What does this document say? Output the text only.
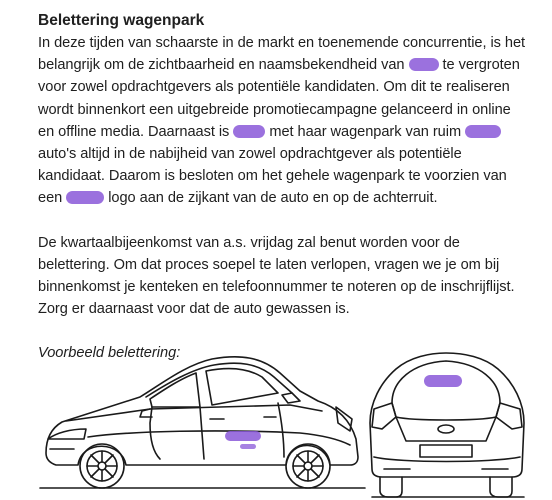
Belettering wagenpark

In deze tijden van schaarste in de markt en toenemende concurrentie, is het
belangrijk om de zichtbaarheid en naamsbekendheid van	te vergroten
voor zowel opdrachtgevers als potentiële kandidaten. Om dit te realiseren
wordt binnenkort een uitgebreide promotiecampagne gelanceerd in online
en offline media. Daarnaast is	met haar wagenpark van ruim
auto's altijd in de nabijheid van zowel opdrachtgever als potentiële
kandidaat. Daarom is besloten om het gehele wagenpark te voorzien van
een	logo aan de zijkant van de auto en op de achterruit.

De kwartaalbijeenkomst van a.s. vrijdag zal benut worden voor de
belettering. Om dat proces soepel te laten verlopen, vragen we je om bij
binnenkomst je kenteken en telefoonnummer te noteren op de inschrijflijst.
Zorg er daarnaast voor dat de auto gewassen is.

Voorbeeld belettering:
